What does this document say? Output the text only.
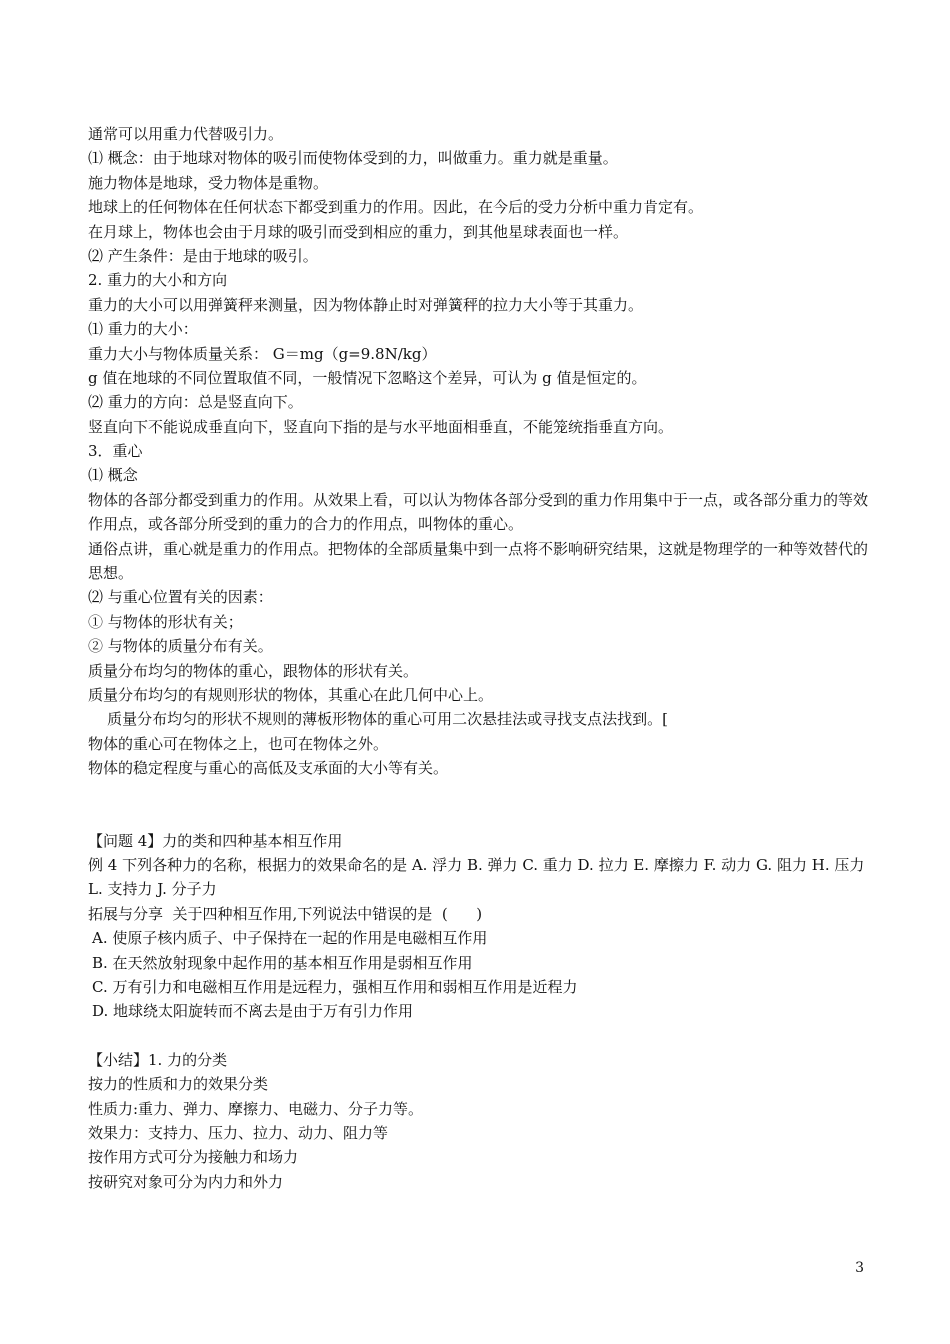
通常可以用重力代替吸引力。
⑴ 概念：由于地球对物体的吸引而使物体受到的力，叫做重力。重力就是重量。
施力物体是地球，受力物体是重物。
地球上的任何物体在任何状态下都受到重力的作用。因此，在今后的受力分析中重力肯定有。
在月球上，物体也会由于月球的吸引而受到相应的重力，到其他星球表面也一样。
⑵ 产生条件：是由于地球的吸引。
2. 重力的大小和方向
重力的大小可以用弹簧秤来测量，因为物体静止时对弹簧秤的拉力大小等于其重力。
⑴ 重力的大小：
重力大小与物体质量关系： G＝mg（g=9.8N/kg）
g 值在地球的不同位置取值不同，一般情况下忽略这个差异，可认为 g 值是恒定的。
⑵ 重力的方向：总是竖直向下。
竖直向下不能说成垂直向下，竖直向下指的是与水平地面相垂直，不能笼统指垂直方向。
3．重心
⑴ 概念
物体的各部分都受到重力的作用。从效果上看，可以认为物体各部分受到的重力作用集中于一点，或各部分重力的等效作用点，或各部分所受到的重力的合力的作用点，叫物体的重心。
通俗点讲，重心就是重力的作用点。把物体的全部质量集中到一点将不影响研究结果，这就是物理学的一种等效替代的思想。
⑵ 与重心位置有关的因素：
① 与物体的形状有关；
② 与物体的质量分布有关。
质量分布均匀的物体的重心，跟物体的形状有关。
质量分布均匀的有规则形状的物体，其重心在此几何中心上。
质量分布均匀的形状不规则的薄板形物体的重心可用二次悬挂法或寻找支点法找到。[
物体的重心可在物体之上，也可在物体之外。
物体的稳定程度与重心的高低及支承面的大小等有关。
【问题 4】力的类和四种基本相互作用
例 4 下列各种力的名称，根据力的效果命名的是 A. 浮力 B. 弹力 C. 重力 D. 拉力 E. 摩擦力 F. 动力 G. 阻力 H. 压力 L. 支持力 J. 分子力
拓展与分享  关于四种相互作用,下列说法中错误的是  (      )
A. 使原子核内质子、中子保持在一起的作用是电磁相互作用
B. 在天然放射现象中起作用的基本相互作用是弱相互作用
C. 万有引力和电磁相互作用是远程力，强相互作用和弱相互作用是近程力
D. 地球绕太阳旋转而不离去是由于万有引力作用
【小结】1. 力的分类
按力的性质和力的效果分类
性质力:重力、弹力、摩擦力、电磁力、分子力等。
效果力：支持力、压力、拉力、动力、阻力等
按作用方式可分为接触力和场力
按研究对象可分为内力和外力
3
